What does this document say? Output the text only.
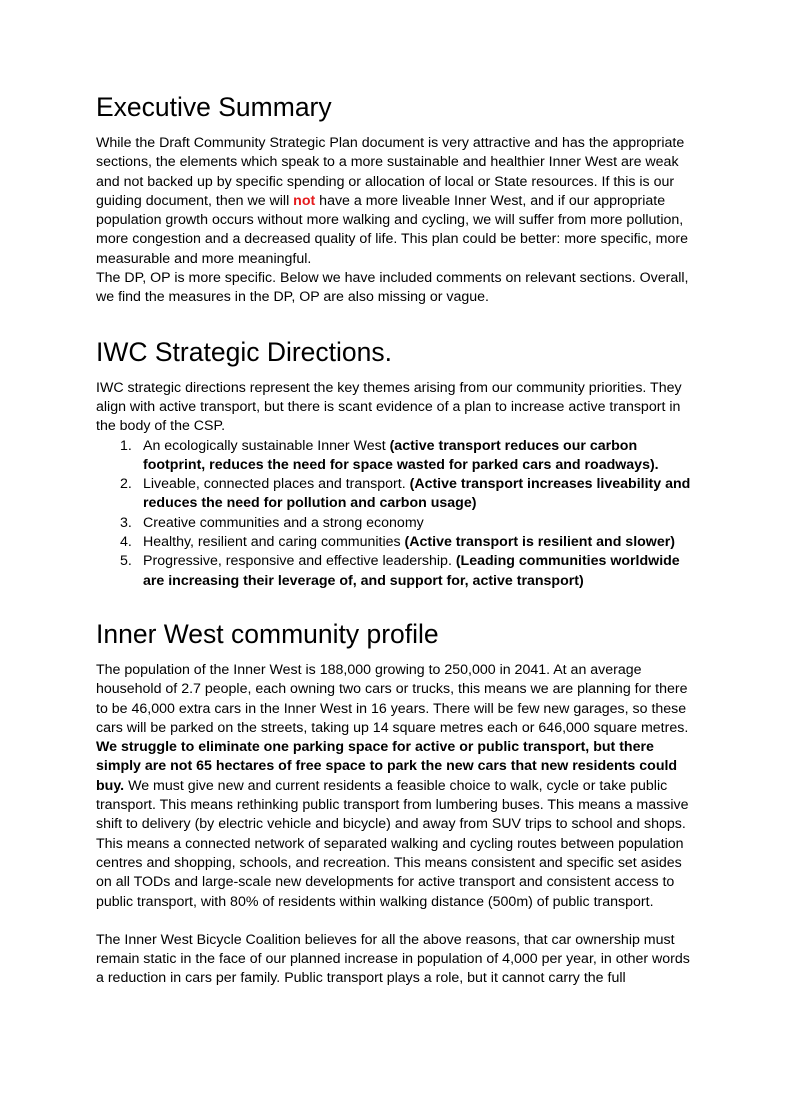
Executive Summary

While the Draft Community Strategic Plan document is very attractive and has the appropriate sections, the elements which speak to a more sustainable and healthier Inner West are weak and not backed up by specific spending or allocation of local or State resources. If this is our guiding document, then we will not have a more liveable Inner West, and if our appropriate population growth occurs without more walking and cycling, we will suffer from more pollution, more congestion and a decreased quality of life. This plan could be better: more specific, more measurable and more meaningful.

The DP, OP is more specific. Below we have included comments on relevant sections. Overall, we find the measures in the DP, OP are also missing or vague.

IWC Strategic Directions.

IWC strategic directions represent the key themes arising from our community priorities. They align with active transport, but there is scant evidence of a plan to increase active transport in the body of the CSP.

1. An ecologically sustainable Inner West (active transport reduces our carbon footprint, reduces the need for space wasted for parked cars and roadways).
2. Liveable, connected places and transport. (Active transport increases liveability and reduces the need for pollution and carbon usage)
3. Creative communities and a strong economy
4. Healthy, resilient and caring communities (Active transport is resilient and slower)
5. Progressive, responsive and effective leadership. (Leading communities worldwide are increasing their leverage of, and support for, active transport)
Inner West community profile

The population of the Inner West is 188,000 growing to 250,000 in 2041. At an average household of 2.7 people, each owning two cars or trucks, this means we are planning for there to be 46,000 extra cars in the Inner West in 16 years. There will be few new garages, so these cars will be parked on the streets, taking up 14 square metres each or 646,000 square metres. We struggle to eliminate one parking space for active or public transport, but there simply are not 65 hectares of free space to park the new cars that new residents could buy. We must give new and current residents a feasible choice to walk, cycle or take public transport. This means rethinking public transport from lumbering buses. This means a massive shift to delivery (by electric vehicle and bicycle) and away from SUV trips to school and shops. This means a connected network of separated walking and cycling routes between population centres and shopping, schools, and recreation. This means consistent and specific set asides on all TODs and large-scale new developments for active transport and consistent access to public transport, with 80% of residents within walking distance (500m) of public transport.

The Inner West Bicycle Coalition believes for all the above reasons, that car ownership must remain static in the face of our planned increase in population of 4,000 per year, in other words a reduction in cars per family. Public transport plays a role, but it cannot carry the full
